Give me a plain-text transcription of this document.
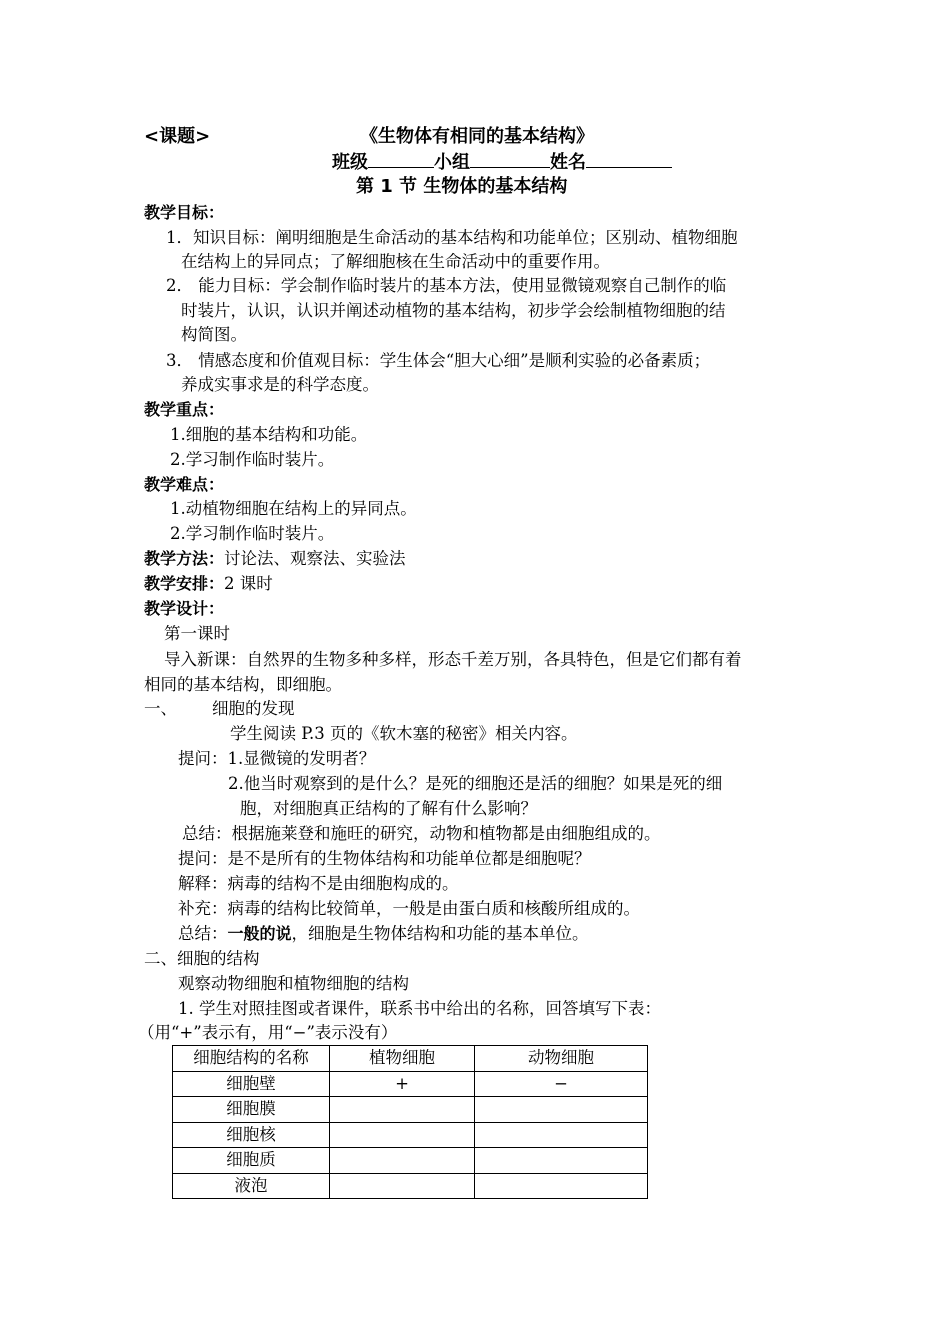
<课题>	《生物体有相同的基本结构》
班级	小组	姓名
第 1 节 生物体的基本结构
教学目标：
1．知识目标：阐明细胞是生命活动的基本结构和功能单位；区别动、植物细胞
在结构上的异同点；了解细胞核在生命活动中的重要作用。
2． 能力目标：学会制作临时装片的基本方法，使用显微镜观察自己制作的临
时装片，认识，认识并阐述动植物的基本结构，初步学会绘制植物细胞的结
构简图。
3． 情感态度和价值观目标：学生体会“胆大心细”是顺利实验的必备素质；
养成实事求是的科学态度。
教学重点：
1.细胞的基本结构和功能。
2.学习制作临时装片。
教学难点：
1.动植物细胞在结构上的异同点。
2.学习制作临时装片。
教学方法：讨论法、观察法、实验法
教学安排：2 课时
教学设计：
第一课时
导入新课：自然界的生物多种多样，形态千差万别，各具特色，但是它们都有着
相同的基本结构，即细胞。
一、 细胞的发现
学生阅读 P.3 页的《软木塞的秘密》相关内容。
提问：1.显微镜的发明者？
2.他当时观察到的是什么？是死的细胞还是活的细胞？如果是死的细
胞，对细胞真正结构的了解有什么影响？
总结：根据施莱登和施旺的研究，动物和植物都是由细胞组成的。
提问：是不是所有的生物体结构和功能单位都是细胞呢？
解释：病毒的结构不是由细胞构成的。
补充：病毒的结构比较简单，一般是由蛋白质和核酸所组成的。
总结：一般的说，细胞是生物体结构和功能的基本单位。
二、细胞的结构
观察动物细胞和植物细胞的结构
1. 学生对照挂图或者课件，联系书中给出的名称，回答填写下表：
（用“+”表示有，用“−”表示没有）
细胞结构的名称	植物细胞	动物细胞
细胞壁	+	−
细胞膜		
细胞核		
细胞质		
液泡		
